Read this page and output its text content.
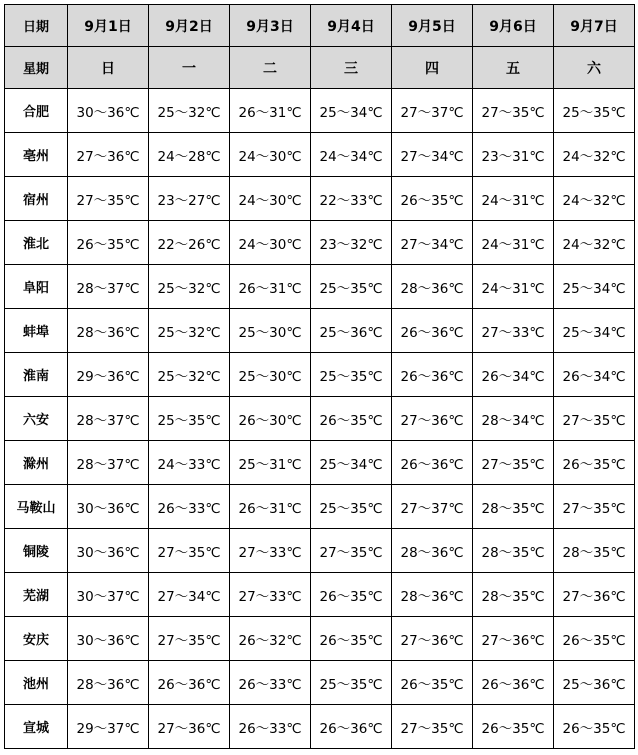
日期	9月1日	9月2日	9月3日	9月4日	9月5日	9月6日	9月7日
星期	日	一	二	三	四	五	六
合肥	30～36℃	25～32℃	26～31℃	25～34℃	27～37℃	27～35℃	25～35℃
亳州	27～36℃	24～28℃	24～30℃	24～34℃	27～34℃	23～31℃	24～32℃
宿州	27～35℃	23～27℃	24～30℃	22～33℃	26～35℃	24～31℃	24～32℃
淮北	26～35℃	22～26℃	24～30℃	23～32℃	27～34℃	24～31℃	24～32℃
阜阳	28～37℃	25～32℃	26～31℃	25～35℃	28～36℃	24～31℃	25～34℃
蚌埠	28～36℃	25～32℃	25～30℃	25～36℃	26～36℃	27～33℃	25～34℃
淮南	29～36℃	25～32℃	25～30℃	25～35℃	26～36℃	26～34℃	26～34℃
六安	28～37℃	25～35℃	26～30℃	26～35℃	27～36℃	28～34℃	27～35℃
滁州	28～37℃	24～33℃	25～31℃	25～34℃	26～36℃	27～35℃	26～35℃
马鞍山	30～36℃	26～33℃	26～31℃	25～35℃	27～37℃	28～35℃	27～35℃
铜陵	30～36℃	27～35℃	27～33℃	27～35℃	28～36℃	28～35℃	28～35℃
芜湖	30～37℃	27～34℃	27～33℃	26～35℃	28～36℃	28～35℃	27～36℃
安庆	30～36℃	27～35℃	26～32℃	26～35℃	27～36℃	27～36℃	26～35℃
池州	28～36℃	26～36℃	26～33℃	25～35℃	26～35℃	26～36℃	25～36℃
宣城	29～37℃	27～36℃	26～33℃	26～36℃	27～35℃	26～35℃	26～35℃
